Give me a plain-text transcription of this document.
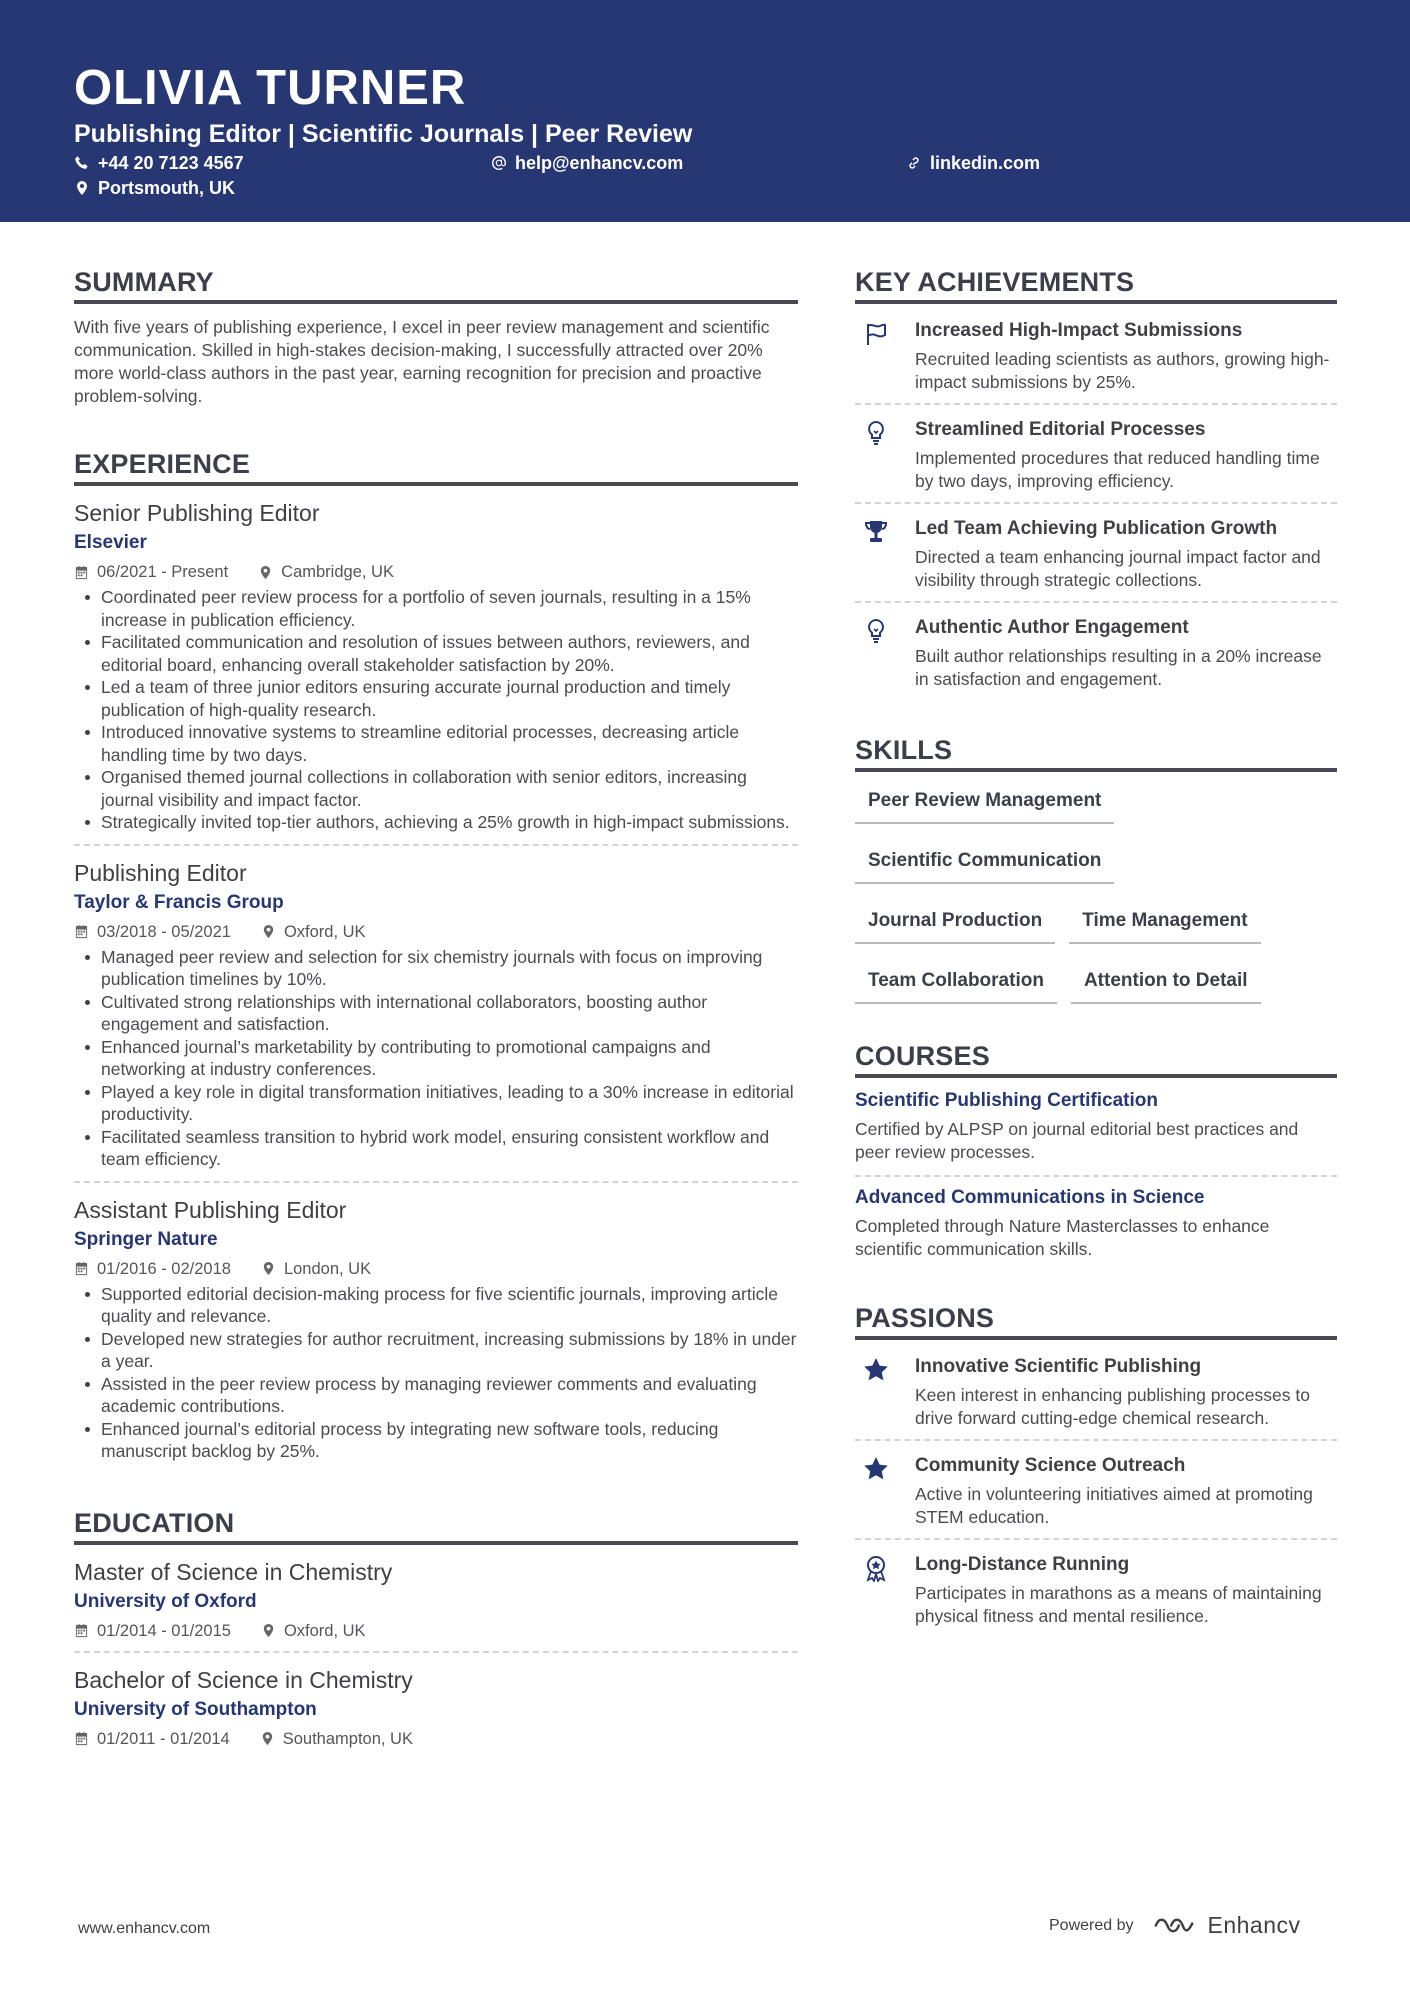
OLIVIA TURNER
Publishing Editor | Scientific Journals | Peer Review
+44 20 7123 4567	help@enhancv.com	linkedin.com
Portsmouth, UK
SUMMARY
With five years of publishing experience, I excel in peer review management and scientific communication. Skilled in high-stakes decision-making, I successfully attracted over 20% more world-class authors in the past year, earning recognition for precision and proactive problem-solving.
EXPERIENCE
Senior Publishing Editor
Elsevier
06/2021 - Present	Cambridge, UK
Coordinated peer review process for a portfolio of seven journals, resulting in a 15% increase in publication efficiency.
Facilitated communication and resolution of issues between authors, reviewers, and editorial board, enhancing overall stakeholder satisfaction by 20%.
Led a team of three junior editors ensuring accurate journal production and timely publication of high-quality research.
Introduced innovative systems to streamline editorial processes, decreasing article handling time by two days.
Organised themed journal collections in collaboration with senior editors, increasing journal visibility and impact factor.
Strategically invited top-tier authors, achieving a 25% growth in high-impact submissions.
Publishing Editor
Taylor & Francis Group
03/2018 - 05/2021	Oxford, UK
Managed peer review and selection for six chemistry journals with focus on improving publication timelines by 10%.
Cultivated strong relationships with international collaborators, boosting author engagement and satisfaction.
Enhanced journal’s marketability by contributing to promotional campaigns and networking at industry conferences.
Played a key role in digital transformation initiatives, leading to a 30% increase in editorial productivity.
Facilitated seamless transition to hybrid work model, ensuring consistent workflow and team efficiency.
Assistant Publishing Editor
Springer Nature
01/2016 - 02/2018	London, UK
Supported editorial decision-making process for five scientific journals, improving article quality and relevance.
Developed new strategies for author recruitment, increasing submissions by 18% in under a year.
Assisted in the peer review process by managing reviewer comments and evaluating academic contributions.
Enhanced journal’s editorial process by integrating new software tools, reducing manuscript backlog by 25%.
EDUCATION
Master of Science in Chemistry
University of Oxford
01/2014 - 01/2015	Oxford, UK
Bachelor of Science in Chemistry
University of Southampton
01/2011 - 01/2014	Southampton, UK
KEY ACHIEVEMENTS
Increased High-Impact Submissions
Recruited leading scientists as authors, growing high-impact submissions by 25%.
Streamlined Editorial Processes
Implemented procedures that reduced handling time by two days, improving efficiency.
Led Team Achieving Publication Growth
Directed a team enhancing journal impact factor and visibility through strategic collections.
Authentic Author Engagement
Built author relationships resulting in a 20% increase in satisfaction and engagement.
SKILLS
Peer Review Management
Scientific Communication
Journal Production	Time Management
Team Collaboration	Attention to Detail
COURSES
Scientific Publishing Certification
Certified by ALPSP on journal editorial best practices and peer review processes.
Advanced Communications in Science
Completed through Nature Masterclasses to enhance scientific communication skills.
PASSIONS
Innovative Scientific Publishing
Keen interest in enhancing publishing processes to drive forward cutting-edge chemical research.
Community Science Outreach
Active in volunteering initiatives aimed at promoting STEM education.
Long-Distance Running
Participates in marathons as a means of maintaining physical fitness and mental resilience.
www.enhancv.com	Powered by	Enhancv
